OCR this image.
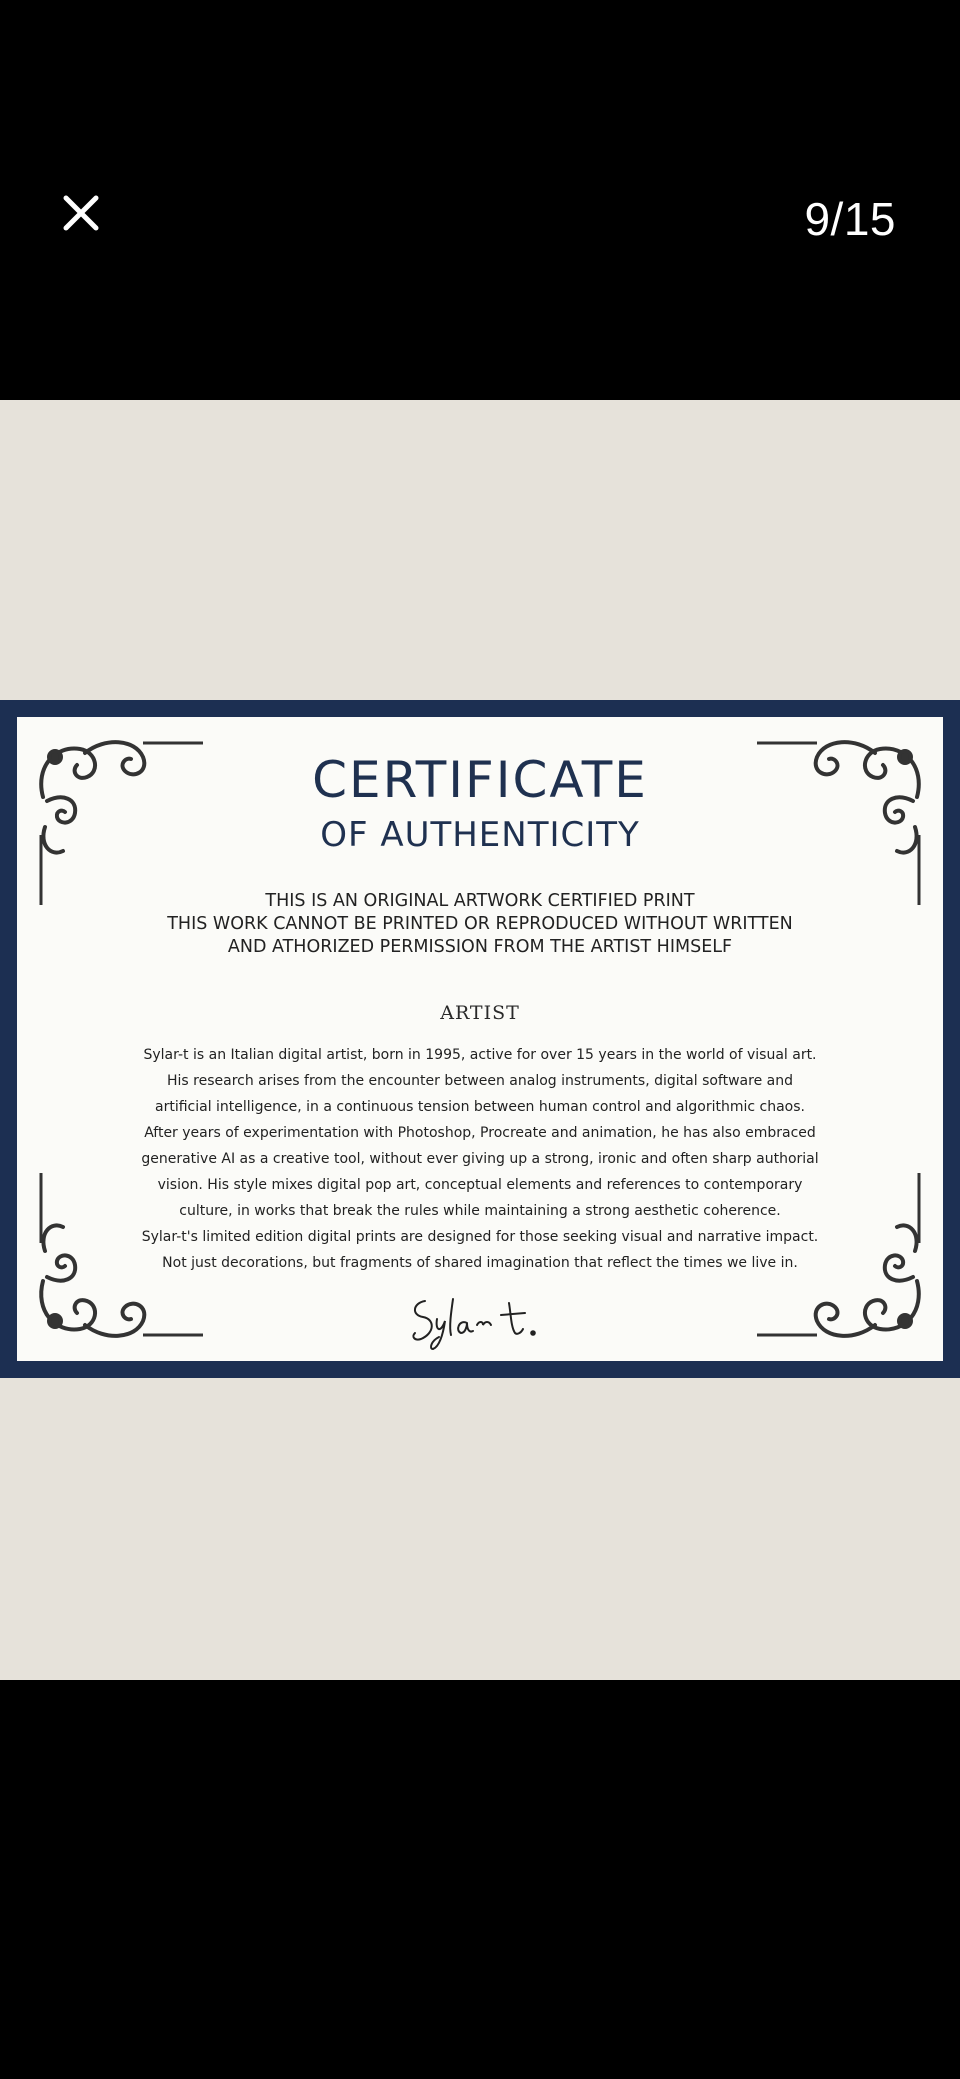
9/15
CERTIFICATE
OF AUTHENTICITY
THIS IS AN ORIGINAL ARTWORK CERTIFIED PRINT
THIS WORK CANNOT BE PRINTED OR REPRODUCED WITHOUT WRITTEN
AND ATHORIZED PERMISSION FROM THE ARTIST HIMSELF
ARTIST
Sylar-t is an Italian digital artist, born in 1995, active for over 15 years in the world of visual art.
His research arises from the encounter between analog instruments, digital software and
artificial intelligence, in a continuous tension between human control and algorithmic chaos.
After years of experimentation with Photoshop, Procreate and animation, he has also embraced
generative AI as a creative tool, without ever giving up a strong, ironic and often sharp authorial
vision. His style mixes digital pop art, conceptual elements and references to contemporary
culture, in works that break the rules while maintaining a strong aesthetic coherence.
Sylar-t's limited edition digital prints are designed for those seeking visual and narrative impact.
Not just decorations, but fragments of shared imagination that reflect the times we live in.
